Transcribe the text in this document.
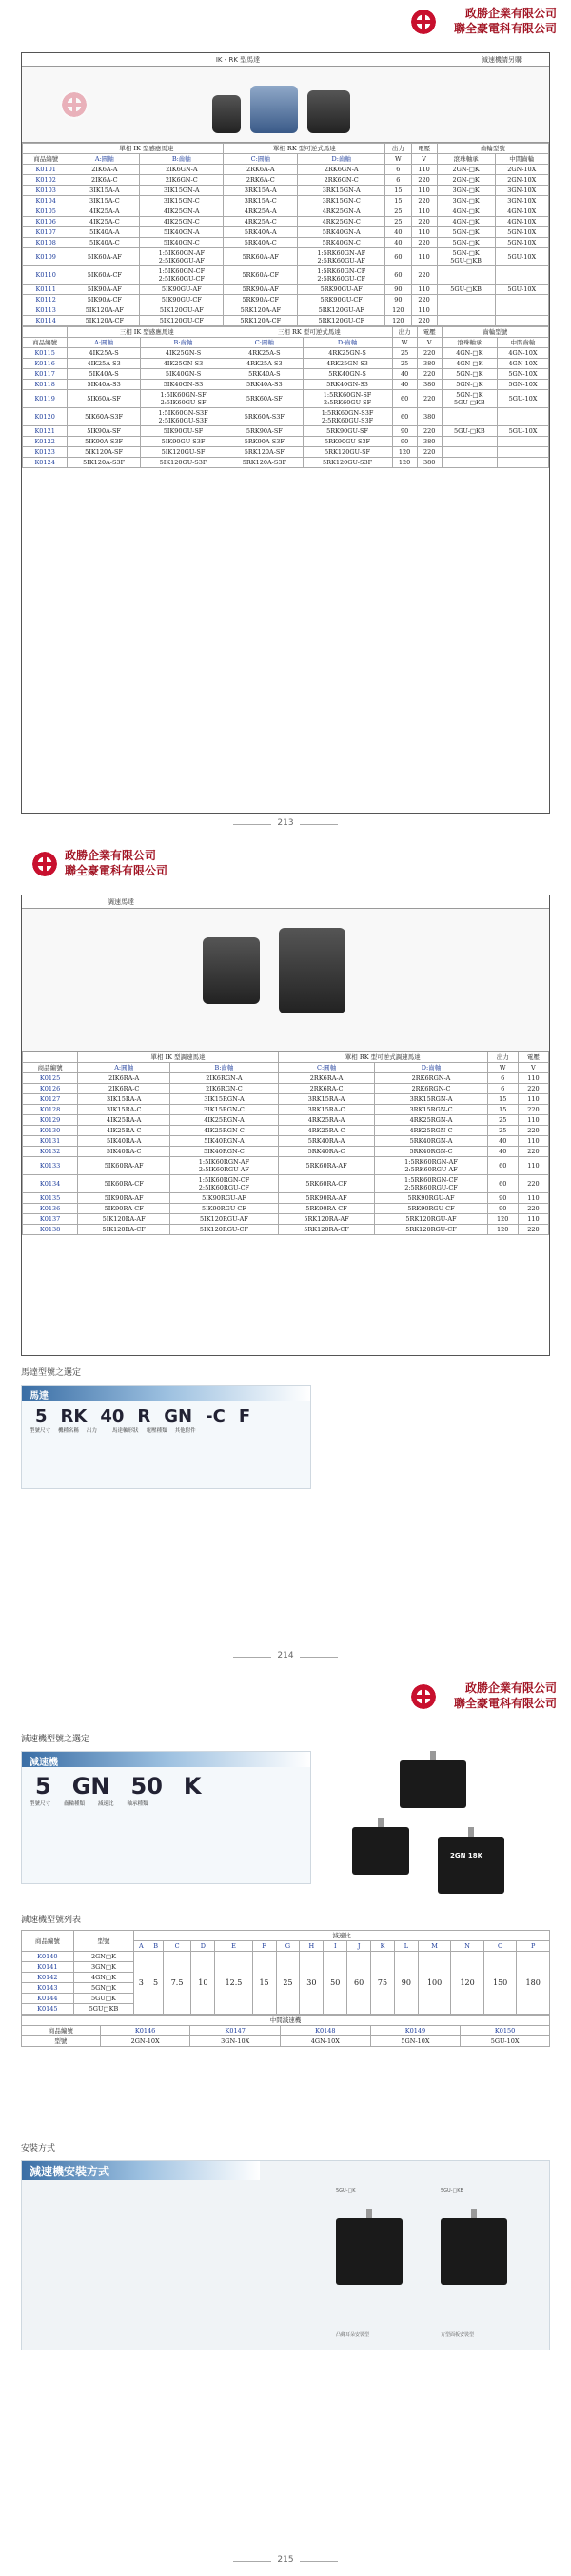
政勝企業有限公司
聯全豪電科有限公司
IK・RK 型馬達	減速機請另購
	單相 IK 型感應馬達		單相 RK 型可逆式馬達		出力	電壓	齒輪型號	
商品編號	A:圓軸	B:齒軸	C:圓軸	D:齒軸	W	V	滾珠軸承	中間齒輪
K0101	2IK6A-A	2IK6GN-A	2RK6A-A	2RK6GN-A	6	110	2GN-□K	2GN-10X
K0102	2IK6A-C	2IK6GN-C	2RK6A-C	2RK6GN-C	6	220	2GN-□K	2GN-10X
K0103	3IK15A-A	3IK15GN-A	3RK15A-A	3RK15GN-A	15	110	3GN-□K	3GN-10X
K0104	3IK15A-C	3IK15GN-C	3RK15A-C	3RK15GN-C	15	220	3GN-□K	3GN-10X
K0105	4IK25A-A	4IK25GN-A	4RK25A-A	4RK25GN-A	25	110	4GN-□K	4GN-10X
K0106	4IK25A-C	4IK25GN-C	4RK25A-C	4RK25GN-C	25	220	4GN-□K	4GN-10X
K0107	5IK40A-A	5IK40GN-A	5RK40A-A	5RK40GN-A	40	110	5GN-□K	5GN-10X
K0108	5IK40A-C	5IK40GN-C	5RK40A-C	5RK40GN-C	40	220	5GN-□K	5GN-10X
K0109	5IK60A-AF	1:5IK60GN-AF
2:5IK60GU-AF	5RK60A-AF	1:5RK60GN-AF
2:5RK60GU-AF	60	110	5GN-□K
5GU-□KB	5GU-10X
K0110	5IK60A-CF	1:5IK60GN-CF
2:5IK60GU-CF	5RK60A-CF	1:5RK60GN-CF
2:5RK60GU-CF	60	220		
K0111	5IK90A-AF	5IK90GU-AF	5RK90A-AF	5RK90GU-AF	90	110	5GU-□KB	5GU-10X
K0112	5IK90A-CF	5IK90GU-CF	5RK90A-CF	5RK90GU-CF	90	220		
K0113	5IK120A-AF	5IK120GU-AF	5RK120A-AF	5RK120GU-AF	120	110		
K0114	5IK120A-CF	5IK120GU-CF	5RK120A-CF	5RK120GU-CF	120	220		
	三相 IK 型感應馬達		三相 RK 型可逆式馬達		出力	電壓	齒輪型號	
商品編號	A:圓軸	B:齒軸	C:圓軸	D:齒軸	W	V	滾珠軸承	中間齒輪
K0115	4IK25A-S	4IK25GN-S	4RK25A-S	4RK25GN-S	25	220	4GN-□K	4GN-10X
K0116	4IK25A-S3	4IK25GN-S3	4RK25A-S3	4RK25GN-S3	25	380	4GN-□K	4GN-10X
K0117	5IK40A-S	5IK40GN-S	5RK40A-S	5RK40GN-S	40	220	5GN-□K	5GN-10X
K0118	5IK40A-S3	5IK40GN-S3	5RK40A-S3	5RK40GN-S3	40	380	5GN-□K	5GN-10X
K0119	5IK60A-SF	1:5IK60GN-SF
2:5IK60GU-SF	5RK60A-SF	1:5RK60GN-SF
2:5RK60GU-SF	60	220	5GN-□K
5GU-□KB	5GU-10X
K0120	5IK60A-S3F	1:5IK60GN-S3F
2:5IK60GU-S3F	5RK60A-S3F	1:5RK60GN-S3F
2:5RK60GU-S3F	60	380		
K0121	5IK90A-SF	5IK90GU-SF	5RK90A-SF	5RK90GU-SF	90	220	5GU-□KB	5GU-10X
K0122	5IK90A-S3F	5IK90GU-S3F	5RK90A-S3F	5RK90GU-S3F	90	380		
K0123	5IK120A-SF	5IK120GU-SF	5RK120A-SF	5RK120GU-SF	120	220		
K0124	5IK120A-S3F	5IK120GU-S3F	5RK120A-S3F	5RK120GU-S3F	120	380		
213
政勝企業有限公司
聯全豪電科有限公司
調速馬達
	單相 IK 型調速馬達		單相 RK 型可逆式調速馬達		出力	電壓
商品編號	A:圓軸	B:齒軸	C:圓軸	D:齒軸	W	V
K0125	2IK6RA-A	2IK6RGN-A	2RK6RA-A	2RK6RGN-A	6	110
K0126	2IK6RA-C	2IK6RGN-C	2RK6RA-C	2RK6RGN-C	6	220
K0127	3IK15RA-A	3IK15RGN-A	3RK15RA-A	3RK15RGN-A	15	110
K0128	3IK15RA-C	3IK15RGN-C	3RK15RA-C	3RK15RGN-C	15	220
K0129	4IK25RA-A	4IK25RGN-A	4RK25RA-A	4RK25RGN-A	25	110
K0130	4IK25RA-C	4IK25RGN-C	4RK25RA-C	4RK25RGN-C	25	220
K0131	5IK40RA-A	5IK40RGN-A	5RK40RA-A	5RK40RGN-A	40	110
K0132	5IK40RA-C	5IK40RGN-C	5RK40RA-C	5RK40RGN-C	40	220
K0133	5IK60RA-AF	1:5IK60RGN-AF
2:5IK60RGU-AF	5RK60RA-AF	1:5RK60RGN-AF
2:5RK60RGU-AF	60	110
K0134	5IK60RA-CF	1:5IK60RGN-CF
2:5IK60RGU-CF	5RK60RA-CF	1:5RK60RGN-CF
2:5RK60RGU-CF	60	220
K0135	5IK90RA-AF	5IK90RGU-AF	5RK90RA-AF	5RK90RGU-AF	90	110
K0136	5IK90RA-CF	5IK90RGU-CF	5RK90RA-CF	5RK90RGU-CF	90	220
K0137	5IK120RA-AF	5IK120RGU-AF	5RK120RA-AF	5RK120RGU-AF	120	110
K0138	5IK120RA-CF	5IK120RGU-CF	5RK120RA-CF	5RK120RGU-CF	120	220
馬達型號之選定
馬達
5 RK 40 R GN -C F
型號尺寸 機種名稱 出力	馬達軸形狀 電壓種類 其他附件
214
政勝企業有限公司
聯全豪電科有限公司
減速機型號之選定
減速機
5 GN 50 K
型號尺寸	齒輪種類	減速比	軸承種類
2GN 18K
減速機型號列表
商品編號	型號	減速比															
		A	B	C	D	E	F	G	H	I	J	K	L	M	N	O	P
K0140	2GN□K	3	5	7.5	10	12.5	15	25	30	50	60	75	90	100	120	150	180
K0141	3GN□K																
K0142	4GN□K																
K0143	5GN□K																
K0144	5GU□K																
K0145	5GU□KB																
中間減速機					
商品編號	K0146	K0147	K0148	K0149	K0150
型號	2GN-10X	3GN-10X	4GN-10X	5GN-10X	5GU-10X
安裝方式
減速機安裝方式
5GU-□K	5GU-□KB
凸緣耳朵安裝型	方型面板安裝型
215
